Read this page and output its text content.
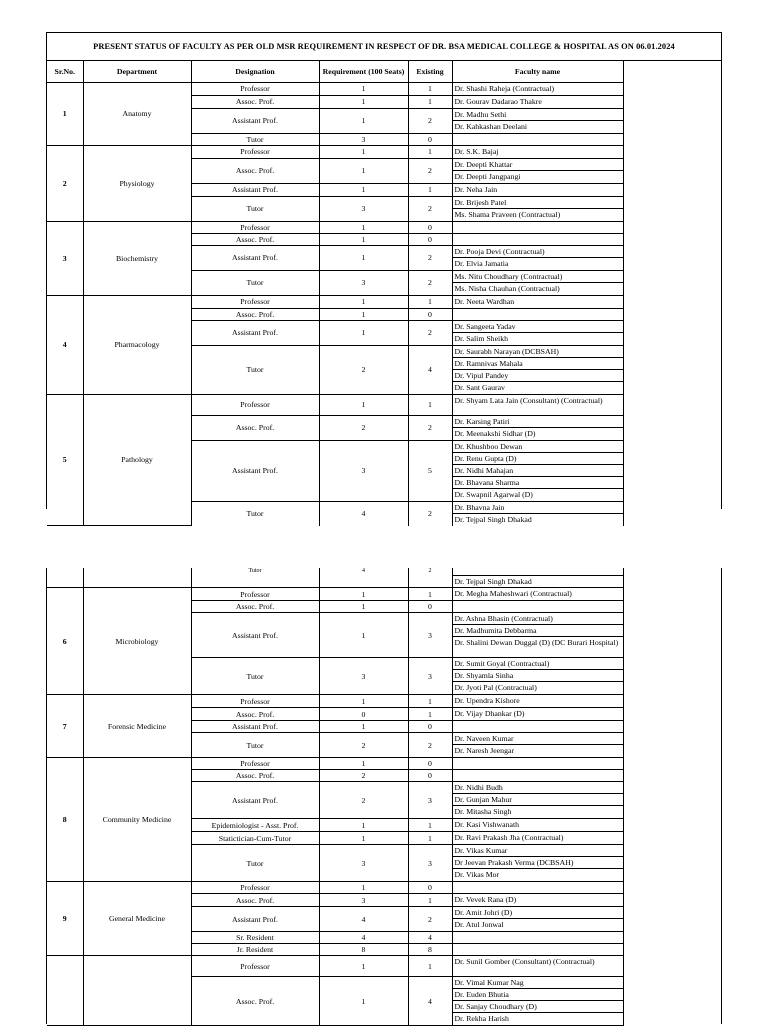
PRESENT STATUS OF FACULTY AS PER OLD MSR REQUIREMENT IN RESPECT OF DR. BSA MEDICAL COLLEGE & HOSPITAL AS ON 06.01.2024
Sr.No.	Department	Designation	Requirement (100 Seats)	Existing	Faculty name	
1	Anatomy	Professor	1	1	Dr. Shashi Raheja (Contractual)	

		Assoc. Prof.	1	1	Dr. Gourav Dadarao Thakre	

		Assistant Prof.	1	2	Dr. Madhu Sethi
Dr. Kahkashan Deelani	

		Tutor	3	0		
2	Physiology	Professor	1	1	Dr. S.K. Bajaj	

		Assoc. Prof.	1	2	Dr. Deepti Khattar
Dr. Deepti Jangpangi	

		Assistant Prof.	1	1	Dr. Neha Jain	

		Tutor	3	2	Dr. Brijesh Patel
Ms. Shama Praveen (Contractual)	

3	Biochemistry	Professor	1	0		
		Assoc. Prof.	1	0		
		Assistant Prof.	1	2	Dr. Pooja Devi (Contractual)
Dr. Elvia Jamatia	

		Tutor	3	2	Ms. Nitu Choudhary (Contractual)
Ms. Nisha Chauhan (Contractual)	

4	Pharmacology	Professor	1	1	Dr. Neeta Wardhan	

		Assoc. Prof.	1	0		
		Assistant Prof.	1	2	Dr. Sangeeta Yadav
Dr. Salim Sheikh	

		Tutor	2	4	Dr. Saurabh Narayan (DCBSAH)
Dr. Ramnivas Mahala
Dr. Vipul Pandey
Dr. Sant Gaurav	

5	Pathology	Professor	1	1	Dr. Shyam Lata Jain (Consultant) (Contractual)	

		Assoc. Prof.	2	2	Dr. Karsing Patiri
Dr. Meenakshi Sidhar (D)	

		Assistant Prof.	3	5	Dr. Khushboo Dewan
Dr. Renu Gupta (D)
Dr. Nidhi Mahajan
Dr. Bhavana Sharma
Dr. Swapnil Agarwal (D)	

		Tutor	4	2	Dr. Bhavna Jain
Dr. Tejpal Singh Dhakad	
		Tutor	4	2	Dr. Tejpal Singh Dhakad	

6	Microbiology	Professor	1	1	Dr. Megha Maheshwari (Contractual)	

		Assoc. Prof.	1	0		
		Assistant Prof.	1	3	Dr. Ashna Bhasin (Contractual)
Dr. Madhumita Debbarma
Dr. Shalini Dewan Duggal (D) (DC Burari Hospital)	

		Tutor	3	3	Dr. Sumit Goyal (Contractual)
Dr. Shyamla Sinha
Dr. Jyoti Pal (Contractual)	

7	Forensic Medicine	Professor	1	1	Dr. Upendra Kishore	

		Assoc. Prof.	0	1	Dr. Vijay Dhankar (D)	

		Assistant Prof.	1	0		
		Tutor	2	2	Dr. Naveen Kumar
Dr. Naresh Jeengar	

8	Community Medicine	Professor	1	0		
		Assoc. Prof.	2	0		
		Assistant Prof.	2	3	Dr. Nidhi Budh
Dr. Gunjan Mahur
Dr. Mitasha Singh	

		Epidemiologist - Asst. Prof.	1	1	Dr. Kasi Vishwanath	

		Statictician-Cum-Tutor	1	1	Dr. Ravi Prakash Jha (Contractual)	

		Tutor	3	3	Dr. Vikas Kumar
Dr Jeevan Prakash Verma (DCBSAH)
Dr. Vikas Mor	

9	General Medicine	Professor	1	0		
		Assoc. Prof.	3	1	Dr. Vevek Rana (D)	

		Assistant Prof.	4	2	Dr. Amit Johri (D)
Dr. Atul Jonwal	

		Sr. Resident	4	4		
		Jr. Resident	8	8		
		Professor	1	1	Dr. Sunil Gomber (Consultant) (Contractual)	

		Assoc. Prof.	1	4	Dr. Vimal Kumar Nag
Dr. Euden Bhutia
Dr. Sanjay Choudhary (D)
Dr. Rekha Harish	
